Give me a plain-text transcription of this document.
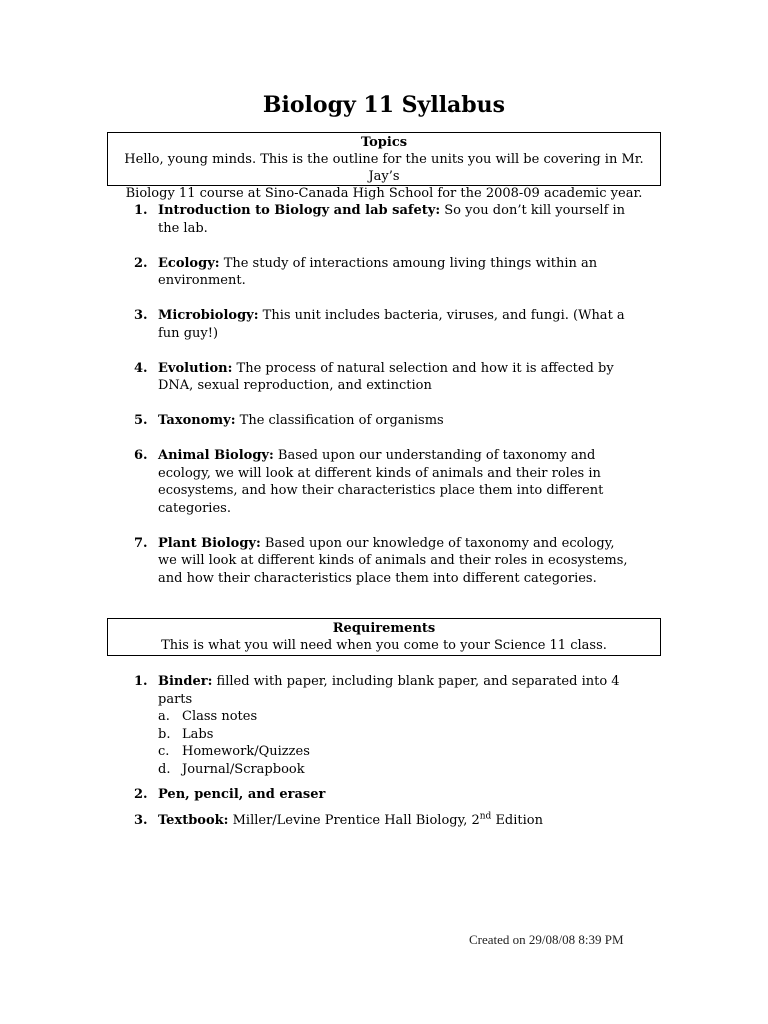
Biology 11 Syllabus
Topics
Hello, young minds. This is the outline for the units you will be covering in Mr. Jay’s
Biology 11 course at Sino-Canada High School for the 2008-09 academic year.
1. Introduction to Biology and lab safety: So you don’t kill yourself in the lab.
2. Ecology: The study of interactions amoung living things within an environment.
3. Microbiology: This unit includes bacteria, viruses, and fungi. (What a fun guy!)
4. Evolution: The process of natural selection and how it is affected by DNA, sexual reproduction, and extinction
5. Taxonomy: The classification of organisms
6. Animal Biology: Based upon our understanding of taxonomy and ecology, we will look at different kinds of animals and their roles in ecosystems, and how their characteristics place them into different categories.
7. Plant Biology: Based upon our knowledge of taxonomy and ecology, we will look at different kinds of animals and their roles in ecosystems, and how their characteristics place them into different categories.
Requirements
This is what you will need when you come to your Science 11 class.
1. Binder: filled with paper, including blank paper, and separated into 4 parts
a. Class notes
b. Labs
c. Homework/Quizzes
d. Journal/Scrapbook
2. Pen, pencil, and eraser
3. Textbook: Miller/Levine Prentice Hall Biology, 2nd Edition
Created on 29/08/08 8:39 PM
